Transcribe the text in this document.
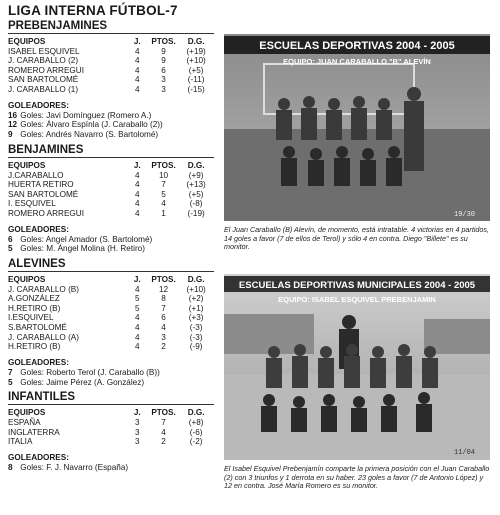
LIGA INTERNA FÚTBOL-7
PREBENJAMINES
EQUIPOS	J.	PTOS.	D.G.
ISABEL ESQUIVEL	4	9	(+19)
J. CARABALLO (2)	4	9	(+10)
ROMERO ARREGUI	4	6	(+5)
SAN BARTOLOMÉ	4	3	(-11)
J. CARABALLO (1)	4	3	(-15)
GOLEADORES:
16 Goles: Javi Domínguez (Romero A.)
12 Goles: Álvaro Espínla (J. Caraballo (2))
9 Goles: Andrés Navarro (S. Bartolomé)
BENJAMINES
EQUIPOS	J.	PTOS.	D.G.
J.CARABALLO	4	10	(+9)
HUERTA RETIRO	4	7	(+13)
SAN BARTOLOMÉ	4	5	(+5)
I. ESQUIVEL	4	4	(-8)
ROMERO ARREGUI	4	1	(-19)
GOLEADORES:
6 Goles: Angel Amador (S. Bartolomé)
5 Goles: M. Ángel Molina (H. Retiro)
ALEVINES
EQUIPOS	J.	PTOS.	D.G.
J. CARABALLO (B)	4	12	(+10)
A.GONZÁLEZ	5	8	(+2)
H.RETIRO (B)	5	7	(+1)
I.ESQUIVEL	4	6	(+3)
S.BARTOLOMÉ	4	4	(-3)
J. CARABALLO (A)	4	3	(-3)
H.RETIRO (B)	4	2	(-9)
GOLEADORES:
7 Goles: Roberto Terol (J. Caraballo (B))
5 Goles: Jaime Pérez (A. González)
INFANTILES
EQUIPOS	J.	PTOS.	D.G.
ESPAÑA	3	7	(+8)
INGLATERRA	3	4	(-6)
ITALIA	3	2	(-2)
GOLEADORES:
8 Goles: F. J. Navarro (España)
ESCUELAS DEPORTIVAS 2004 - 2005
EQUIPO: JUAN CARABALLO "B" ALEVÍN
19/30
El Juan Caraballo (B) Alevín, de momento, está intratable. 4 victorias en 4 partidos, 14 goles a favor (7 de ellos de Terol) y sólo 4 en contra. Diego "Billete" es su monitor.
ESCUELAS DEPORTIVAS MUNICIPALES 2004 - 2005
EQUIPO: ISABEL ESQUIVEL PREBENJAMIN
11/04
El Isabel Esquivel Prebenjamín comparte la primera posición con el Juan Caraballo (2) con 3 triunfos y 1 derrota en su haber. 23 goles a favor (7 de Antonio López) y 12 en contra. José María Romero es su monitor.
